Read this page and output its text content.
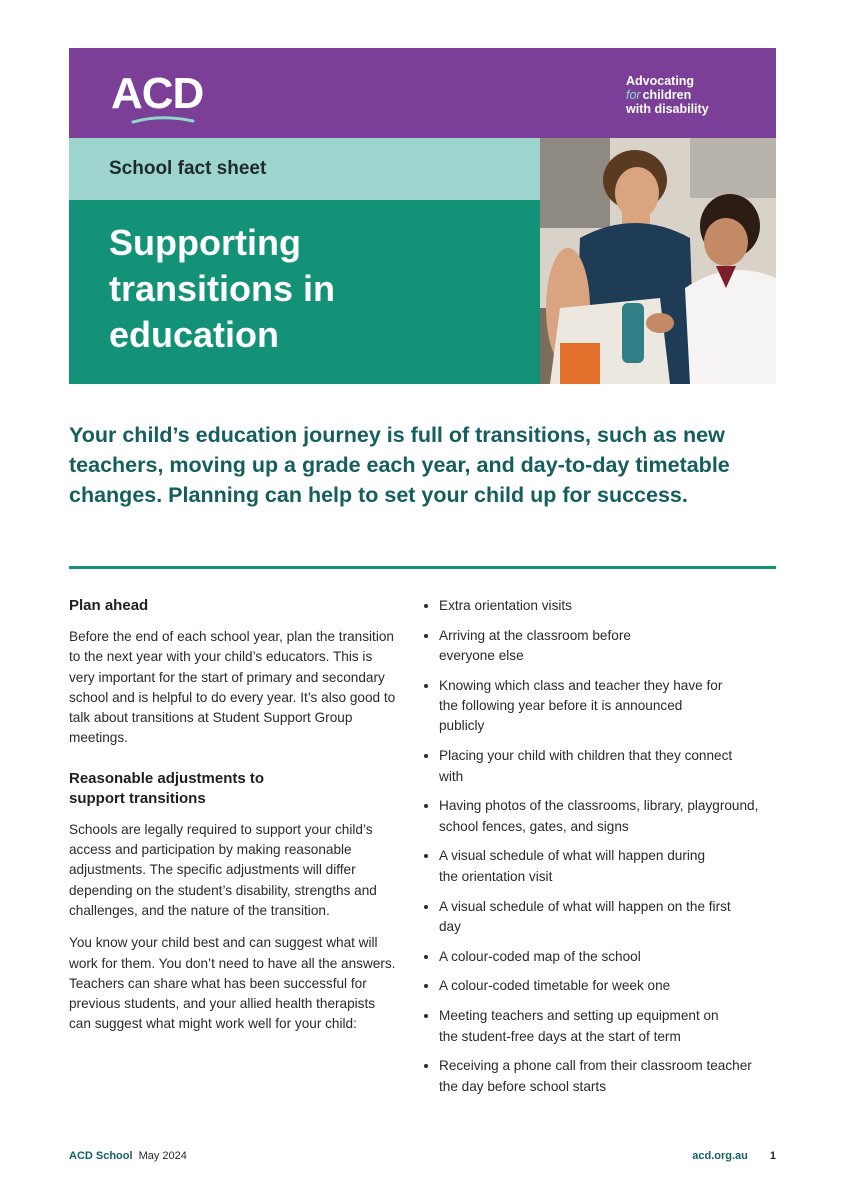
ACD	Advocating
for children
with disability
School fact sheet
Supporting transitions in education

Your child’s education journey is full of transitions, such as new teachers, moving up a grade each year, and day-to-day timetable changes. Planning can help to set your child up for success.

Plan ahead

Before the end of each school year, plan the transition to the next year with your child’s educators. This is very important for the start of primary and secondary school and is helpful to do every year. It’s also good to talk about transitions at Student Support Group meetings.

Reasonable adjustments to support transitions

Schools are legally required to support your child’s access and participation by making reasonable adjustments. The specific adjustments will differ depending on the student’s disability, strengths and challenges, and the nature of the transition.

You know your child best and can suggest what will work for them. You don’t need to have all the answers. Teachers can share what has been successful for previous students, and your allied health therapists can suggest what might work well for your child:

Extra orientation visits
Arriving at the classroom before everyone else
Knowing which class and teacher they have for the following year before it is announced publicly
Placing your child with children that they connect with
Having photos of the classrooms, library, playground, school fences, gates, and signs
A visual schedule of what will happen during the orientation visit
A visual schedule of what will happen on the first day
A colour-coded map of the school
A colour-coded timetable for week one
Meeting teachers and setting up equipment on the student-free days at the start of term
Receiving a phone call from their classroom teacher the day before school starts
ACD School May 2024	acd.org.au 1
